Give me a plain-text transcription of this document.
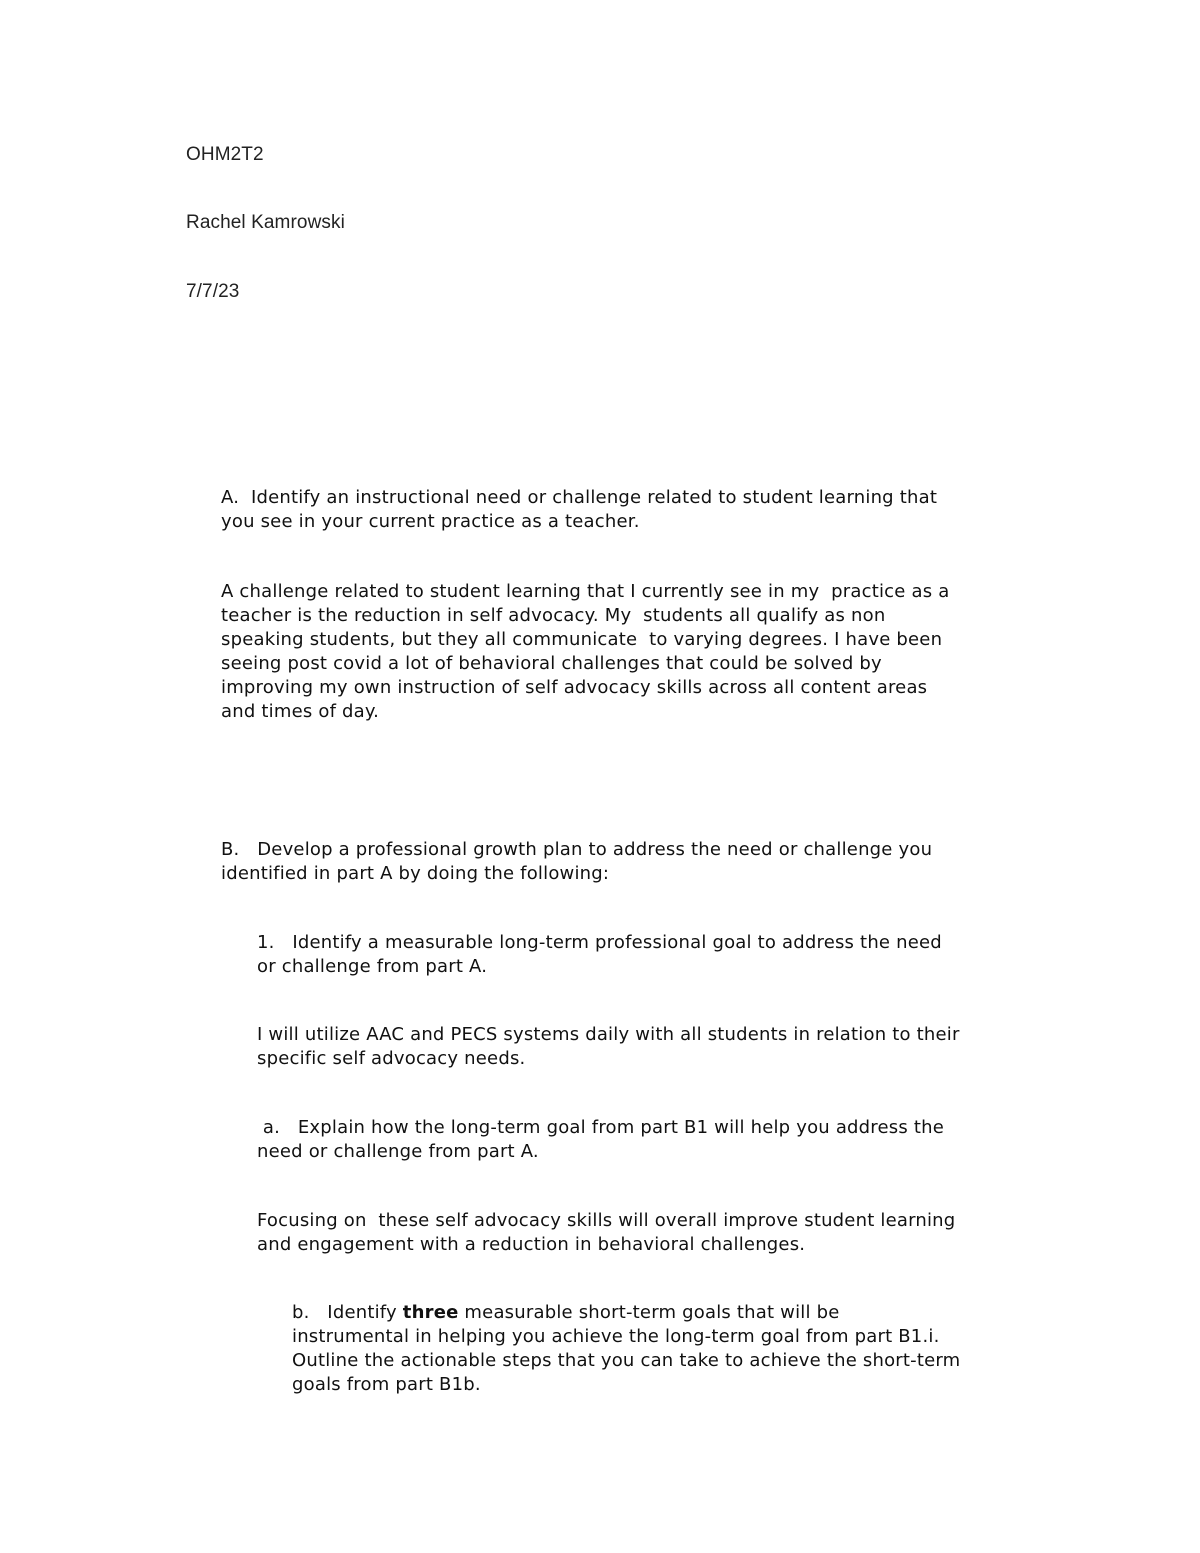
OHM2T2
Rachel Kamrowski
7/7/23
A.  Identify an instructional need or challenge related to student learning that
you see in your current practice as a teacher.
A challenge related to student learning that I currently see in my  practice as a
teacher is the reduction in self advocacy. My  students all qualify as non
speaking students, but they all communicate  to varying degrees. I have been
seeing post covid a lot of behavioral challenges that could be solved by
improving my own instruction of self advocacy skills across all content areas
and times of day.
B.   Develop a professional growth plan to address the need or challenge you
identified in part A by doing the following:
1.   Identify a measurable long-term professional goal to address the need
or challenge from part A.
I will utilize AAC and PECS systems daily with all students in relation to their
specific self advocacy needs.
a.   Explain how the long-term goal from part B1 will help you address the
need or challenge from part A.
Focusing on  these self advocacy skills will overall improve student learning
and engagement with a reduction in behavioral challenges.
b.   Identify three measurable short-term goals that will be
instrumental in helping you achieve the long-term goal from part B1.i.
Outline the actionable steps that you can take to achieve the short-term
goals from part B1b.
